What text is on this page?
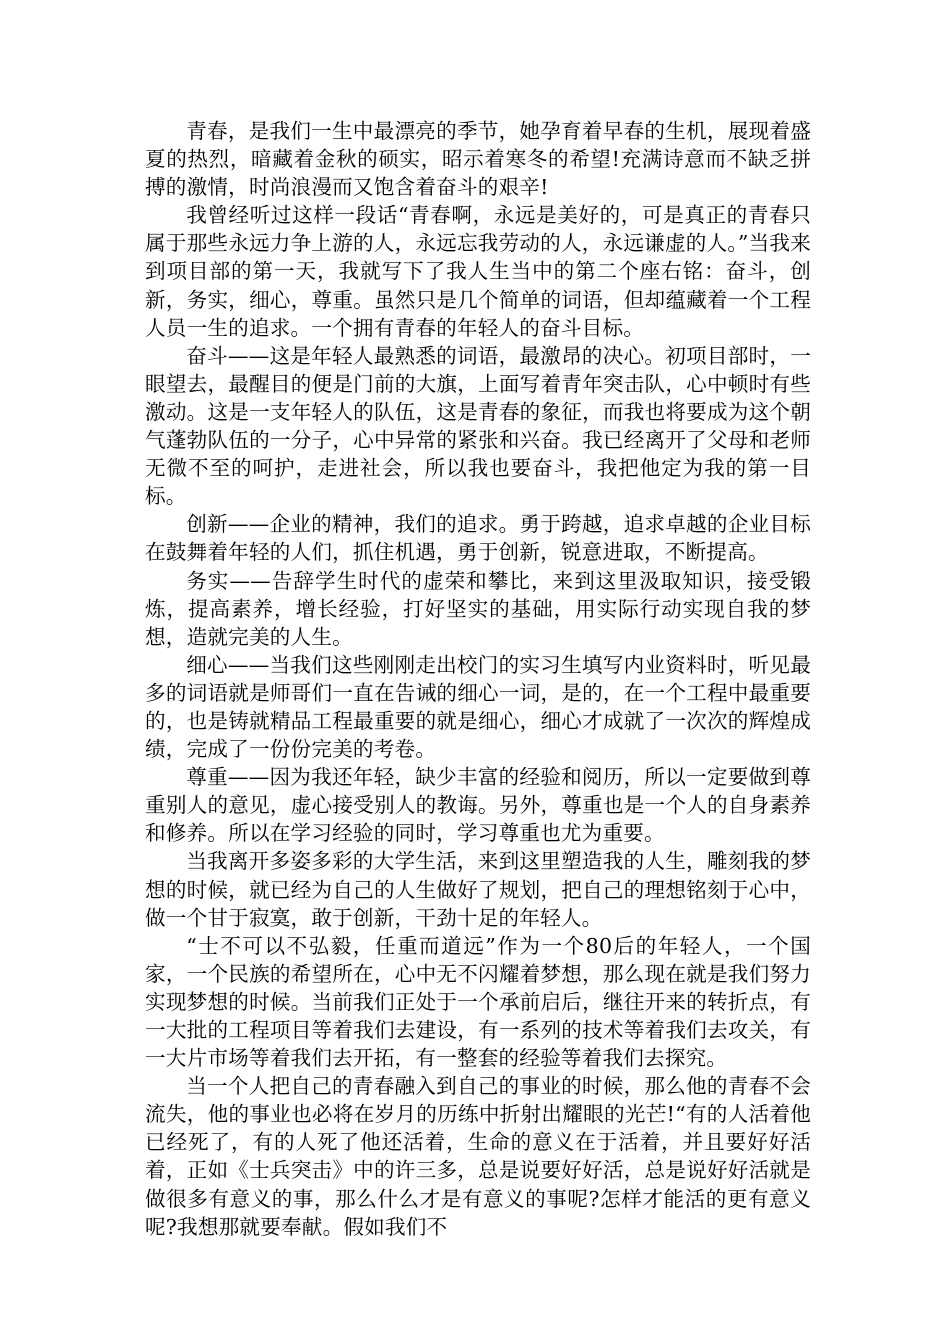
青春，是我们一生中最漂亮的季节，她孕育着早春的生机，展现着盛夏的热烈，暗藏着金秋的硕实，昭示着寒冬的希望!充满诗意而不缺乏拼搏的激情，时尚浪漫而又饱含着奋斗的艰辛!

我曾经听过这样一段话“青春啊，永远是美好的，可是真正的青春只属于那些永远力争上游的人，永远忘我劳动的人，永远谦虚的人。”当我来到项目部的第一天，我就写下了我人生当中的第二个座右铭：奋斗，创新，务实，细心，尊重。虽然只是几个简单的词语，但却蕴藏着一个工程人员一生的追求。一个拥有青春的年轻人的奋斗目标。

奋斗——这是年轻人最熟悉的词语，最激昂的决心。初项目部时，一眼望去，最醒目的便是门前的大旗，上面写着青年突击队，心中顿时有些激动。这是一支年轻人的队伍，这是青春的象征，而我也将要成为这个朝气蓬勃队伍的一分子，心中异常的紧张和兴奋。我已经离开了父母和老师无微不至的呵护，走进社会，所以我也要奋斗，我把他定为我的第一目标。

创新——企业的精神，我们的追求。勇于跨越，追求卓越的企业目标在鼓舞着年轻的人们，抓住机遇，勇于创新，锐意进取，不断提高。

务实——告辞学生时代的虚荣和攀比，来到这里汲取知识，接受锻炼，提高素养，增长经验，打好坚实的基础，用实际行动实现自我的梦想，造就完美的人生。

细心——当我们这些刚刚走出校门的实习生填写内业资料时，听见最多的词语就是师哥们一直在告诫的细心一词，是的，在一个工程中最重要的，也是铸就精品工程最重要的就是细心，细心才成就了一次次的辉煌成绩，完成了一份份完美的考卷。

尊重——因为我还年轻，缺少丰富的经验和阅历，所以一定要做到尊重别人的意见，虚心接受别人的教诲。另外，尊重也是一个人的自身素养和修养。所以在学习经验的同时，学习尊重也尤为重要。

当我离开多姿多彩的大学生活，来到这里塑造我的人生，雕刻我的梦想的时候，就已经为自己的人生做好了规划，把自己的理想铭刻于心中，做一个甘于寂寞，敢于创新，干劲十足的年轻人。

“士不可以不弘毅，任重而道远”作为一个80后的年轻人，一个国家，一个民族的希望所在，心中无不闪耀着梦想，那么现在就是我们努力实现梦想的时候。当前我们正处于一个承前启后，继往开来的转折点，有一大批的工程项目等着我们去建设，有一系列的技术等着我们去攻关，有一大片市场等着我们去开拓，有一整套的经验等着我们去探究。

当一个人把自己的青春融入到自己的事业的时候，那么他的青春不会流失，他的事业也必将在岁月的历练中折射出耀眼的光芒!“有的人活着他已经死了，有的人死了他还活着，生命的意义在于活着，并且要好好活着，正如《士兵突击》中的许三多，总是说要好好活，总是说好好活就是做很多有意义的事，那么什么才是有意义的事呢?怎样才能活的更有意义呢?我想那就要奉献。假如我们不
